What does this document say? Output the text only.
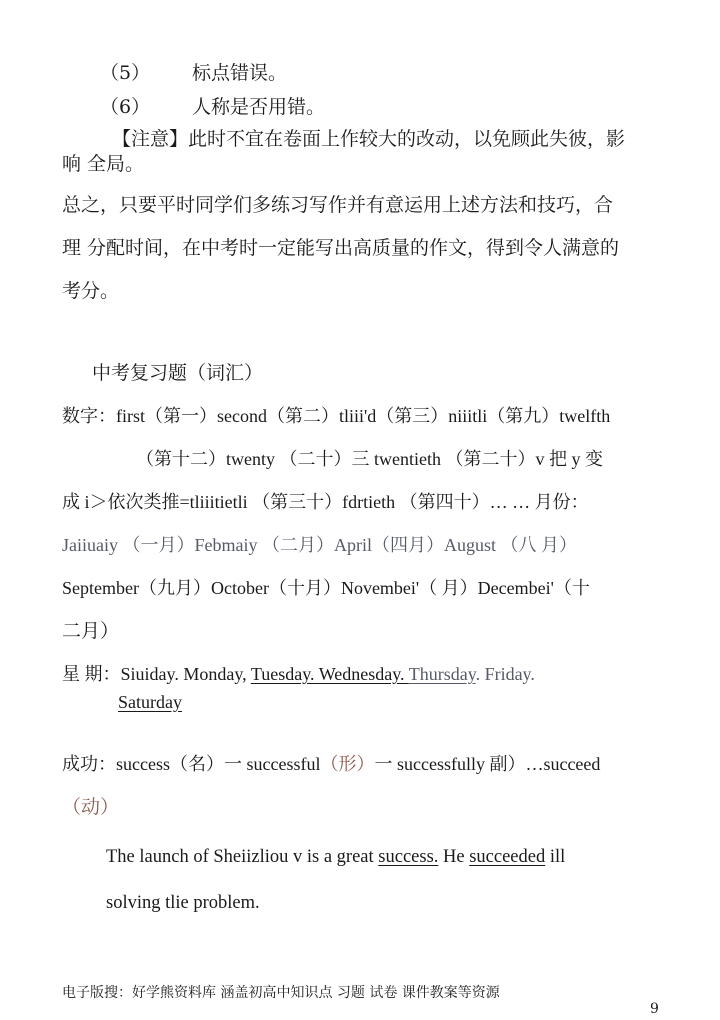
（5） 标点错误。
（6） 人称是否用错。
【注意】此时不宜在卷面上作较大的改动，以免顾此失彼，影
响 全局。
总之，只要平时同学们多练习写作并有意运用上述方法和技巧，合
理 分配时间，在中考时一定能写出高质量的作文，得到令人满意的
考分。
中考复习题（词汇）
数字：first（第一）second（第二）tliii'd（第三）niiitli（第九）twelfth
（第十二）twenty （二十）三 twentieth （第二十）v 把 y 变
成 i＞依次类推=tliiitietli （第三十）fdrtieth （第四十）… … 月份：
Jaiiuaiy （一月）Febmaiy （二月）April（四月）August （八 月）
September（九月）October（十月）Novembei'（ 月）Decembei'（十
二月）
星 期：Siuiday. Monday, Tuesday. Wednesday. Thursday. Friday.
Saturday
成功：success（名）一 successful（形）一 successfully 副）…succeed
（动）
The launch of Sheiizliou v is a great success. He succeeded ill
solving tlie problem.
电子版搜：好学熊资料库 涵盖初高中知识点 习题 试卷 课件教案等资源
9
